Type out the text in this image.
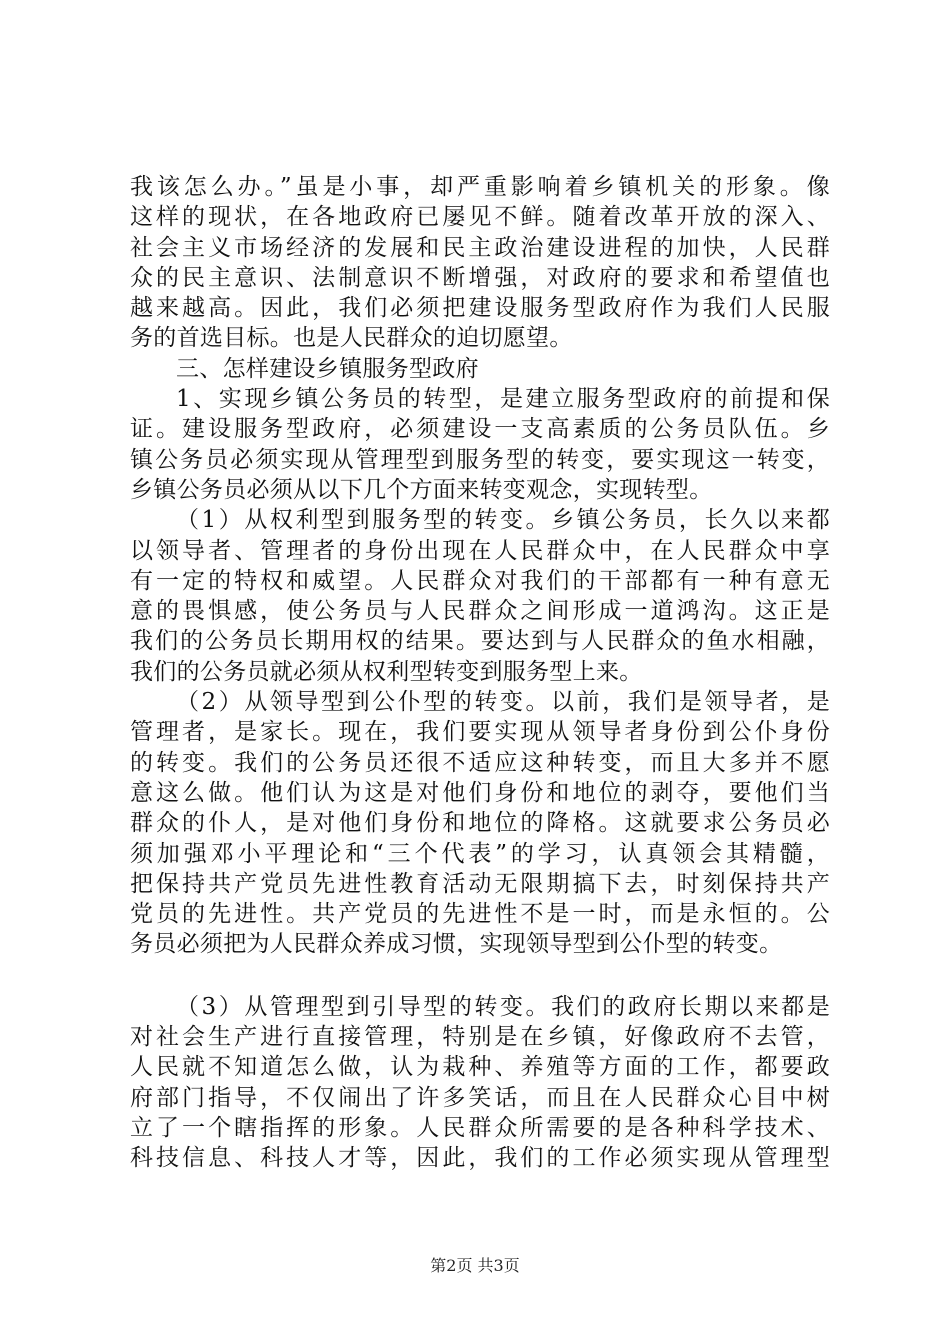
我该怎么办。”虽是小事，却严重影响着乡镇机关的形象。像
这样的现状，在各地政府已屡见不鲜。随着改革开放的深入、
社会主义市场经济的发展和民主政治建设进程的加快，人民群
众的民主意识、法制意识不断增强，对政府的要求和希望值也
越来越高。因此，我们必须把建设服务型政府作为我们人民服
务的首选目标。也是人民群众的迫切愿望。
三、怎样建设乡镇服务型政府
1、实现乡镇公务员的转型，是建立服务型政府的前提和保
证。建设服务型政府，必须建设一支高素质的公务员队伍。乡
镇公务员必须实现从管理型到服务型的转变，要实现这一转变，
乡镇公务员必须从以下几个方面来转变观念，实现转型。
（1）从权利型到服务型的转变。乡镇公务员，长久以来都
以领导者、管理者的身份出现在人民群众中，在人民群众中享
有一定的特权和威望。人民群众对我们的干部都有一种有意无
意的畏惧感，使公务员与人民群众之间形成一道鸿沟。这正是
我们的公务员长期用权的结果。要达到与人民群众的鱼水相融，
我们的公务员就必须从权利型转变到服务型上来。
（2）从领导型到公仆型的转变。以前，我们是领导者，是
管理者，是家长。现在，我们要实现从领导者身份到公仆身份
的转变。我们的公务员还很不适应这种转变，而且大多并不愿
意这么做。他们认为这是对他们身份和地位的剥夺，要他们当
群众的仆人，是对他们身份和地位的降格。这就要求公务员必
须加强邓小平理论和“三个代表”的学习，认真领会其精髓，
把保持共产党员先进性教育活动无限期搞下去，时刻保持共产
党员的先进性。共产党员的先进性不是一时，而是永恒的。公
务员必须把为人民群众养成习惯，实现领导型到公仆型的转变。
（3）从管理型到引导型的转变。我们的政府长期以来都是
对社会生产进行直接管理，特别是在乡镇，好像政府不去管，
人民就不知道怎么做，认为栽种、养殖等方面的工作，都要政
府部门指导，不仅闹出了许多笑话，而且在人民群众心目中树
立了一个瞎指挥的形象。人民群众所需要的是各种科学技术、
科技信息、科技人才等，因此，我们的工作必须实现从管理型
第2页 共3页
